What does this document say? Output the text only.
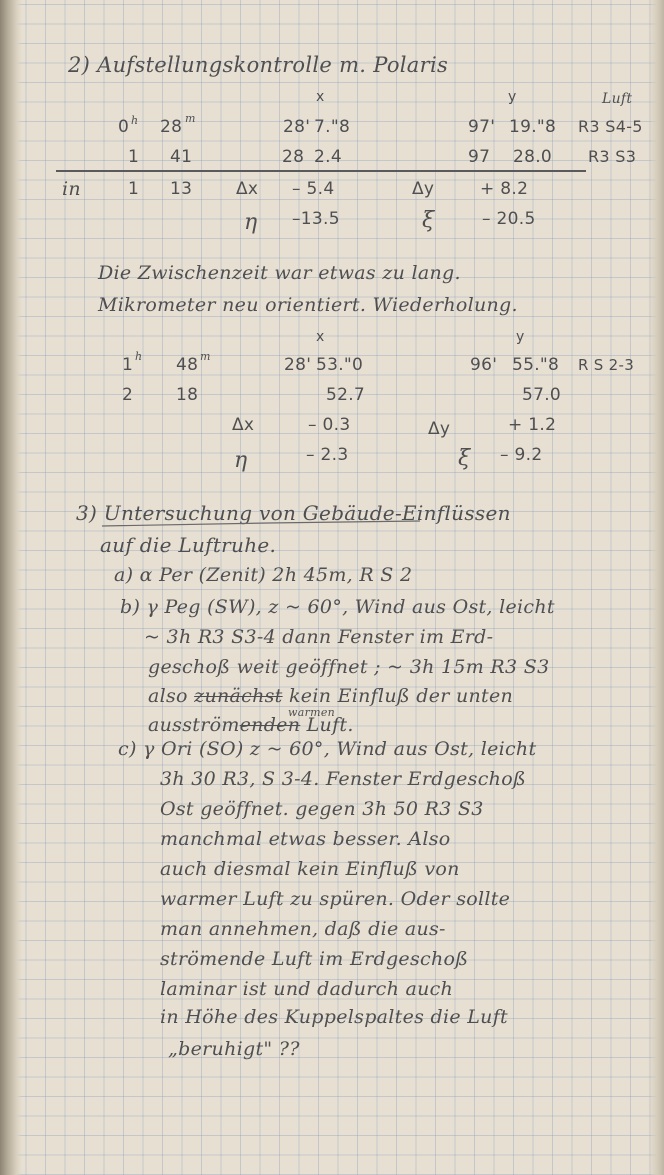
2) Aufstellungskontrolle m. Polaris
x	y	Luft
0 h 28 m	28' 7."8	97' 19."8 R3 S4-5
1 41	28 2.4	97 28.0 R3 S3
in	1 13	Δx – 5.4	Δy	+ 8.2
η –13.5	ξ	– 20.5
Die Zwischenzeit war etwas zu lang.
Mikrometer neu orientiert. Wiederholung.
x	y
1 h 48 m	28' 53."0	96' 55."8 R S 2-3
2	18	52.7	57.0
Δx	– 0.3	Δy	+ 1.2
η	– 2.3	ξ – 9.2
3) Untersuchung von Gebäude-Einflüssen
auf die Luftruhe.
a) α Per (Zenit) 2h 45m, R S 2
b) γ Peg (SW), z ~ 60°, Wind aus Ost, leicht
~ 3h R3 S3-4 dann Fenster im Erd-
geschoß weit geöffnet ; ~ 3h 15m R3 S3
also zunächst kein Einfluß der unten
warmen
ausströmenden Luft.
c) γ Ori (SO) z ~ 60°, Wind aus Ost, leicht
3h 30 R3, S 3-4. Fenster Erdgeschoß
Ost geöffnet. gegen 3h 50 R3 S3
manchmal etwas besser. Also
auch diesmal kein Einfluß von
warmer Luft zu spüren. Oder sollte
man annehmen, daß die aus-
strömende Luft im Erdgeschoß
laminar ist und dadurch auch
in Höhe des Kuppelspaltes die Luft
„beruhigt" ??
